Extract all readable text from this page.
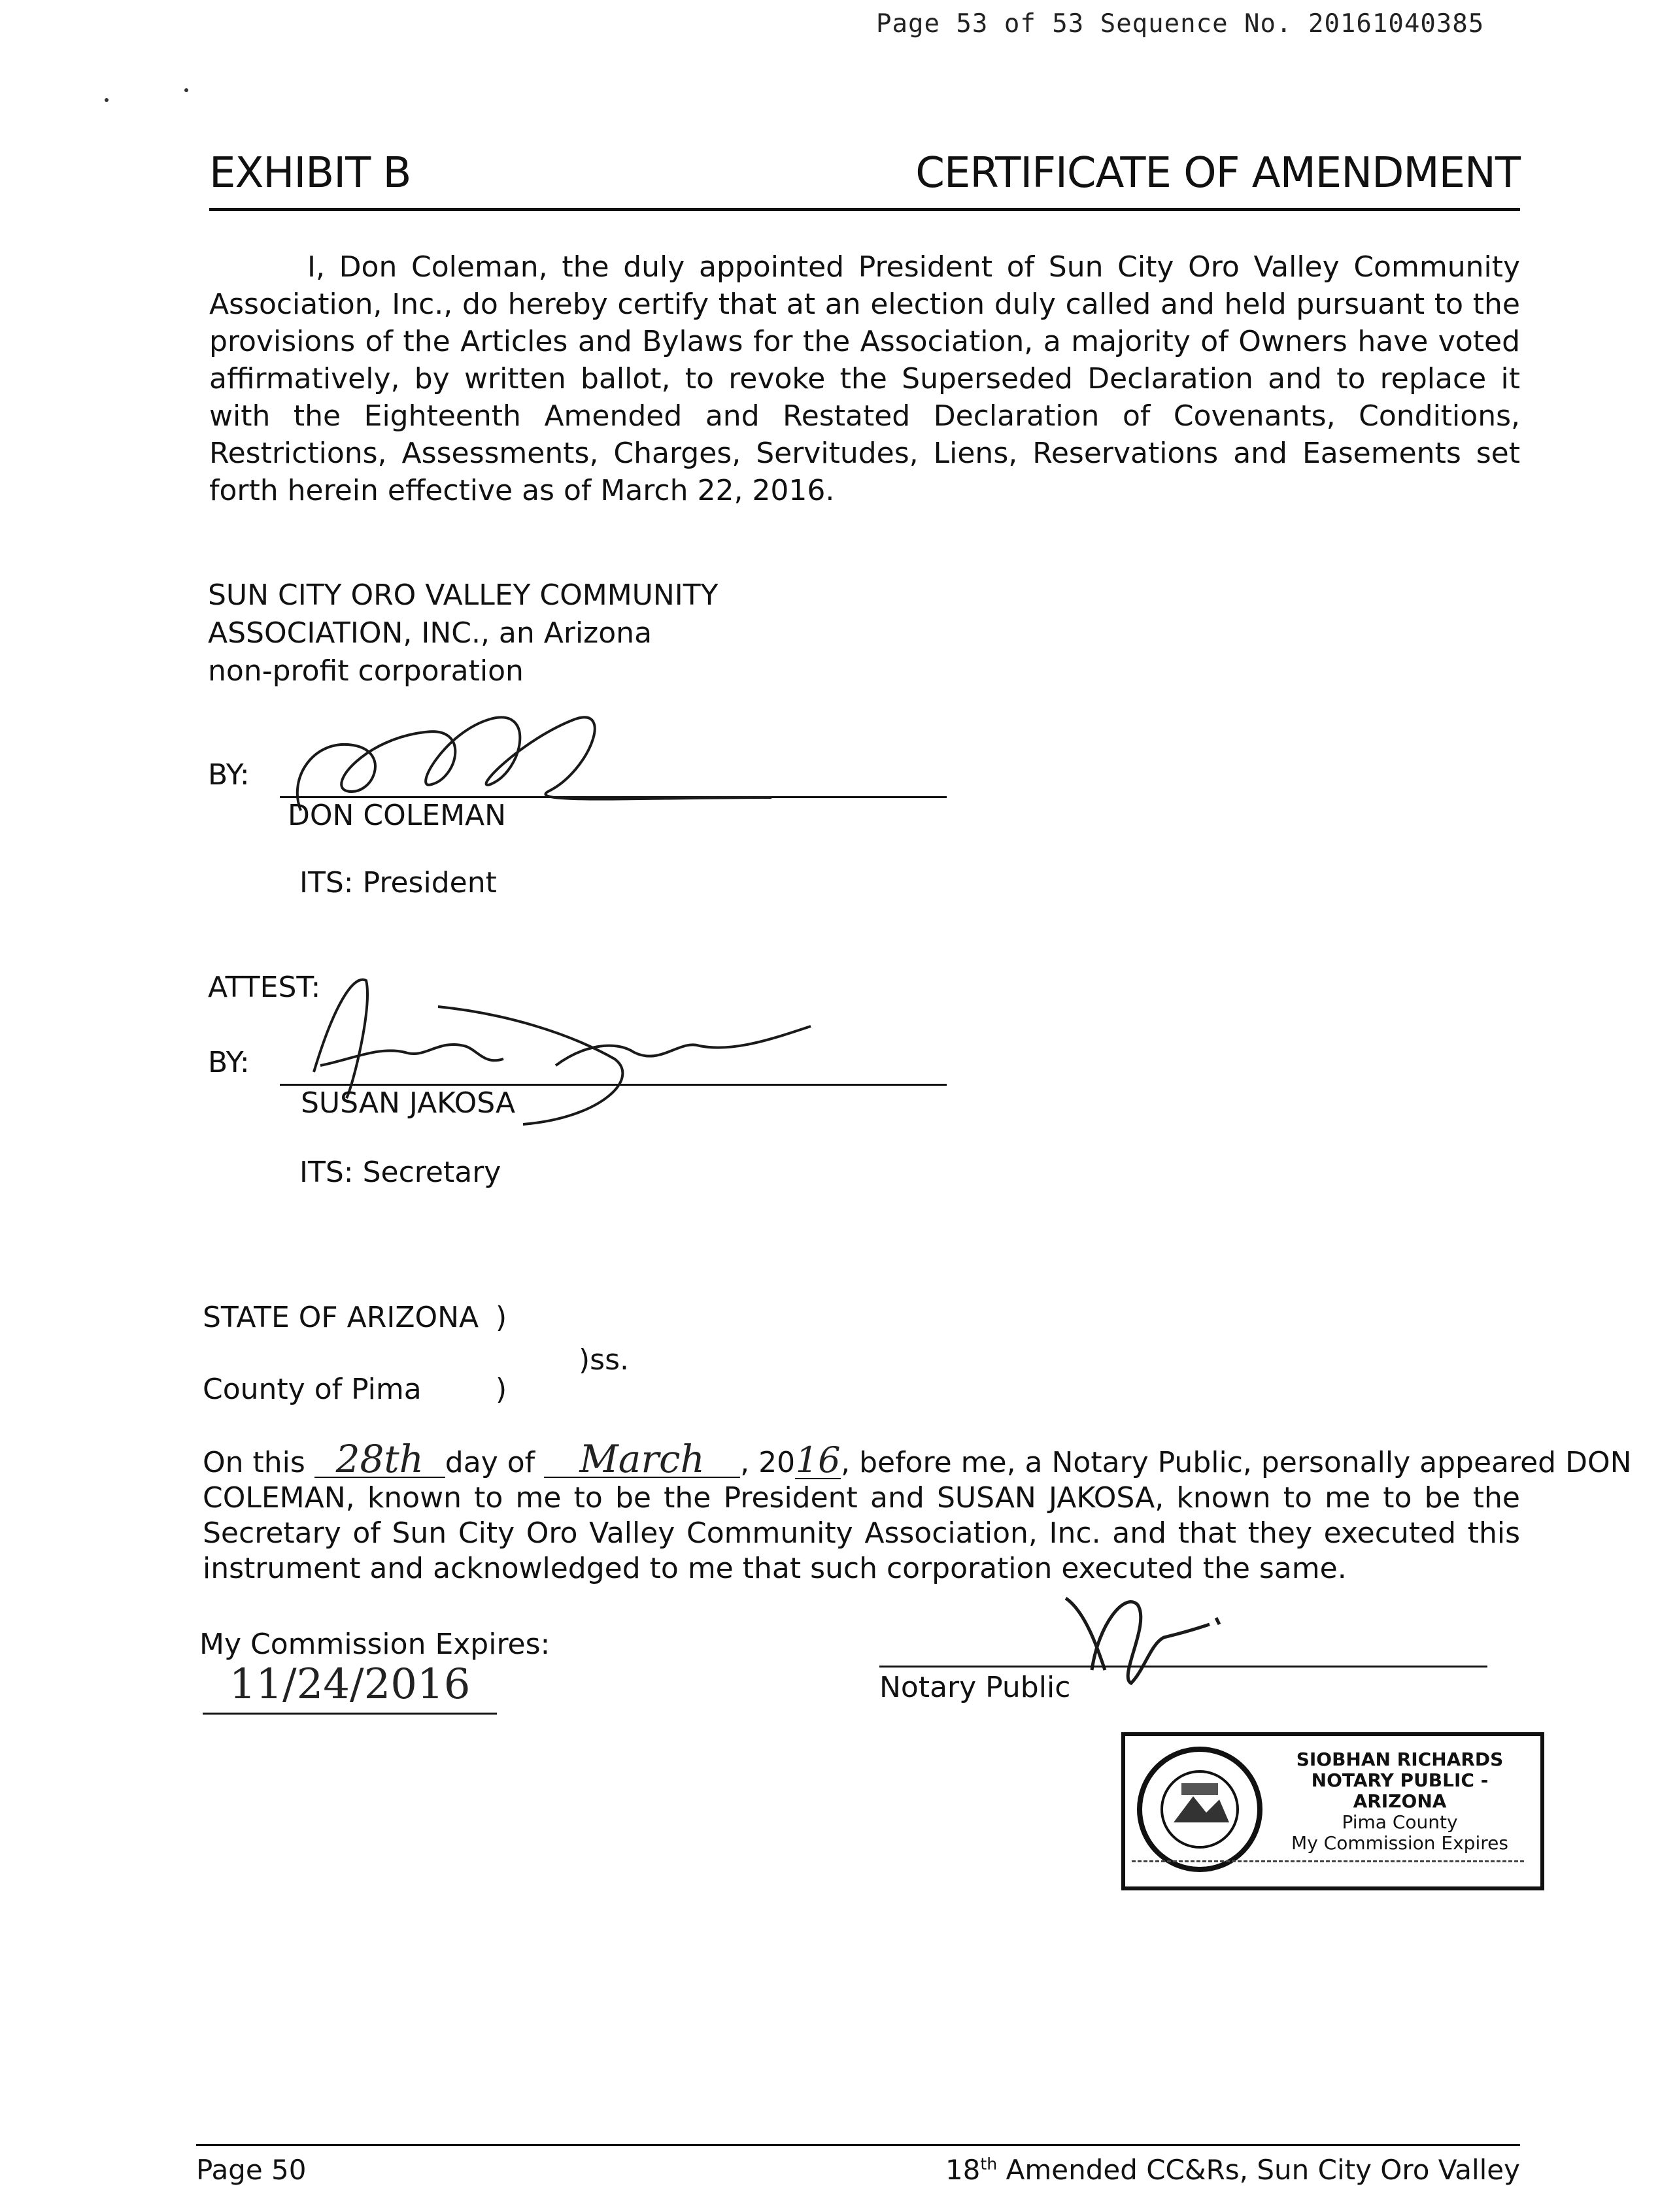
Page 53 of 53 Sequence No. 20161040385
EXHIBIT B	CERTIFICATE OF AMENDMENT
I, Don Coleman, the duly appointed President of Sun City Oro Valley Community Association, Inc., do hereby certify that at an election duly called and held pursuant to the provisions of the Articles and Bylaws for the Association, a majority of Owners have voted affirmatively, by written ballot, to revoke the Superseded Declaration and to replace it with the Eighteenth Amended and Restated Declaration of Covenants, Conditions, Restrictions, Assessments, Charges, Servitudes, Liens, Reservations and Easements set forth herein effective as of March 22, 2016.
SUN CITY ORO VALLEY COMMUNITY
ASSOCIATION, INC., an Arizona
non-profit corporation
BY:
DON COLEMAN
ITS: President
ATTEST:
BY:
SUSAN JAKOSA
ITS: Secretary
STATE OF ARIZONA )
)ss.
County of Pima	)
On this 28th day of March , 2016, before me, a Notary Public, personally appeared DON
COLEMAN, known to me to be the President and SUSAN JAKOSA, known to me to be the Secretary of Sun City Oro Valley Community Association, Inc. and that they executed this instrument and acknowledged to me that such corporation executed the same.
My Commission Expires:
11/24/2016	Notary Public
SIOBHAN RICHARDS
NOTARY PUBLIC - ARIZONA
Pima County
My Commission Expires
Page 50	18th Amended CC&Rs, Sun City Oro Valley
